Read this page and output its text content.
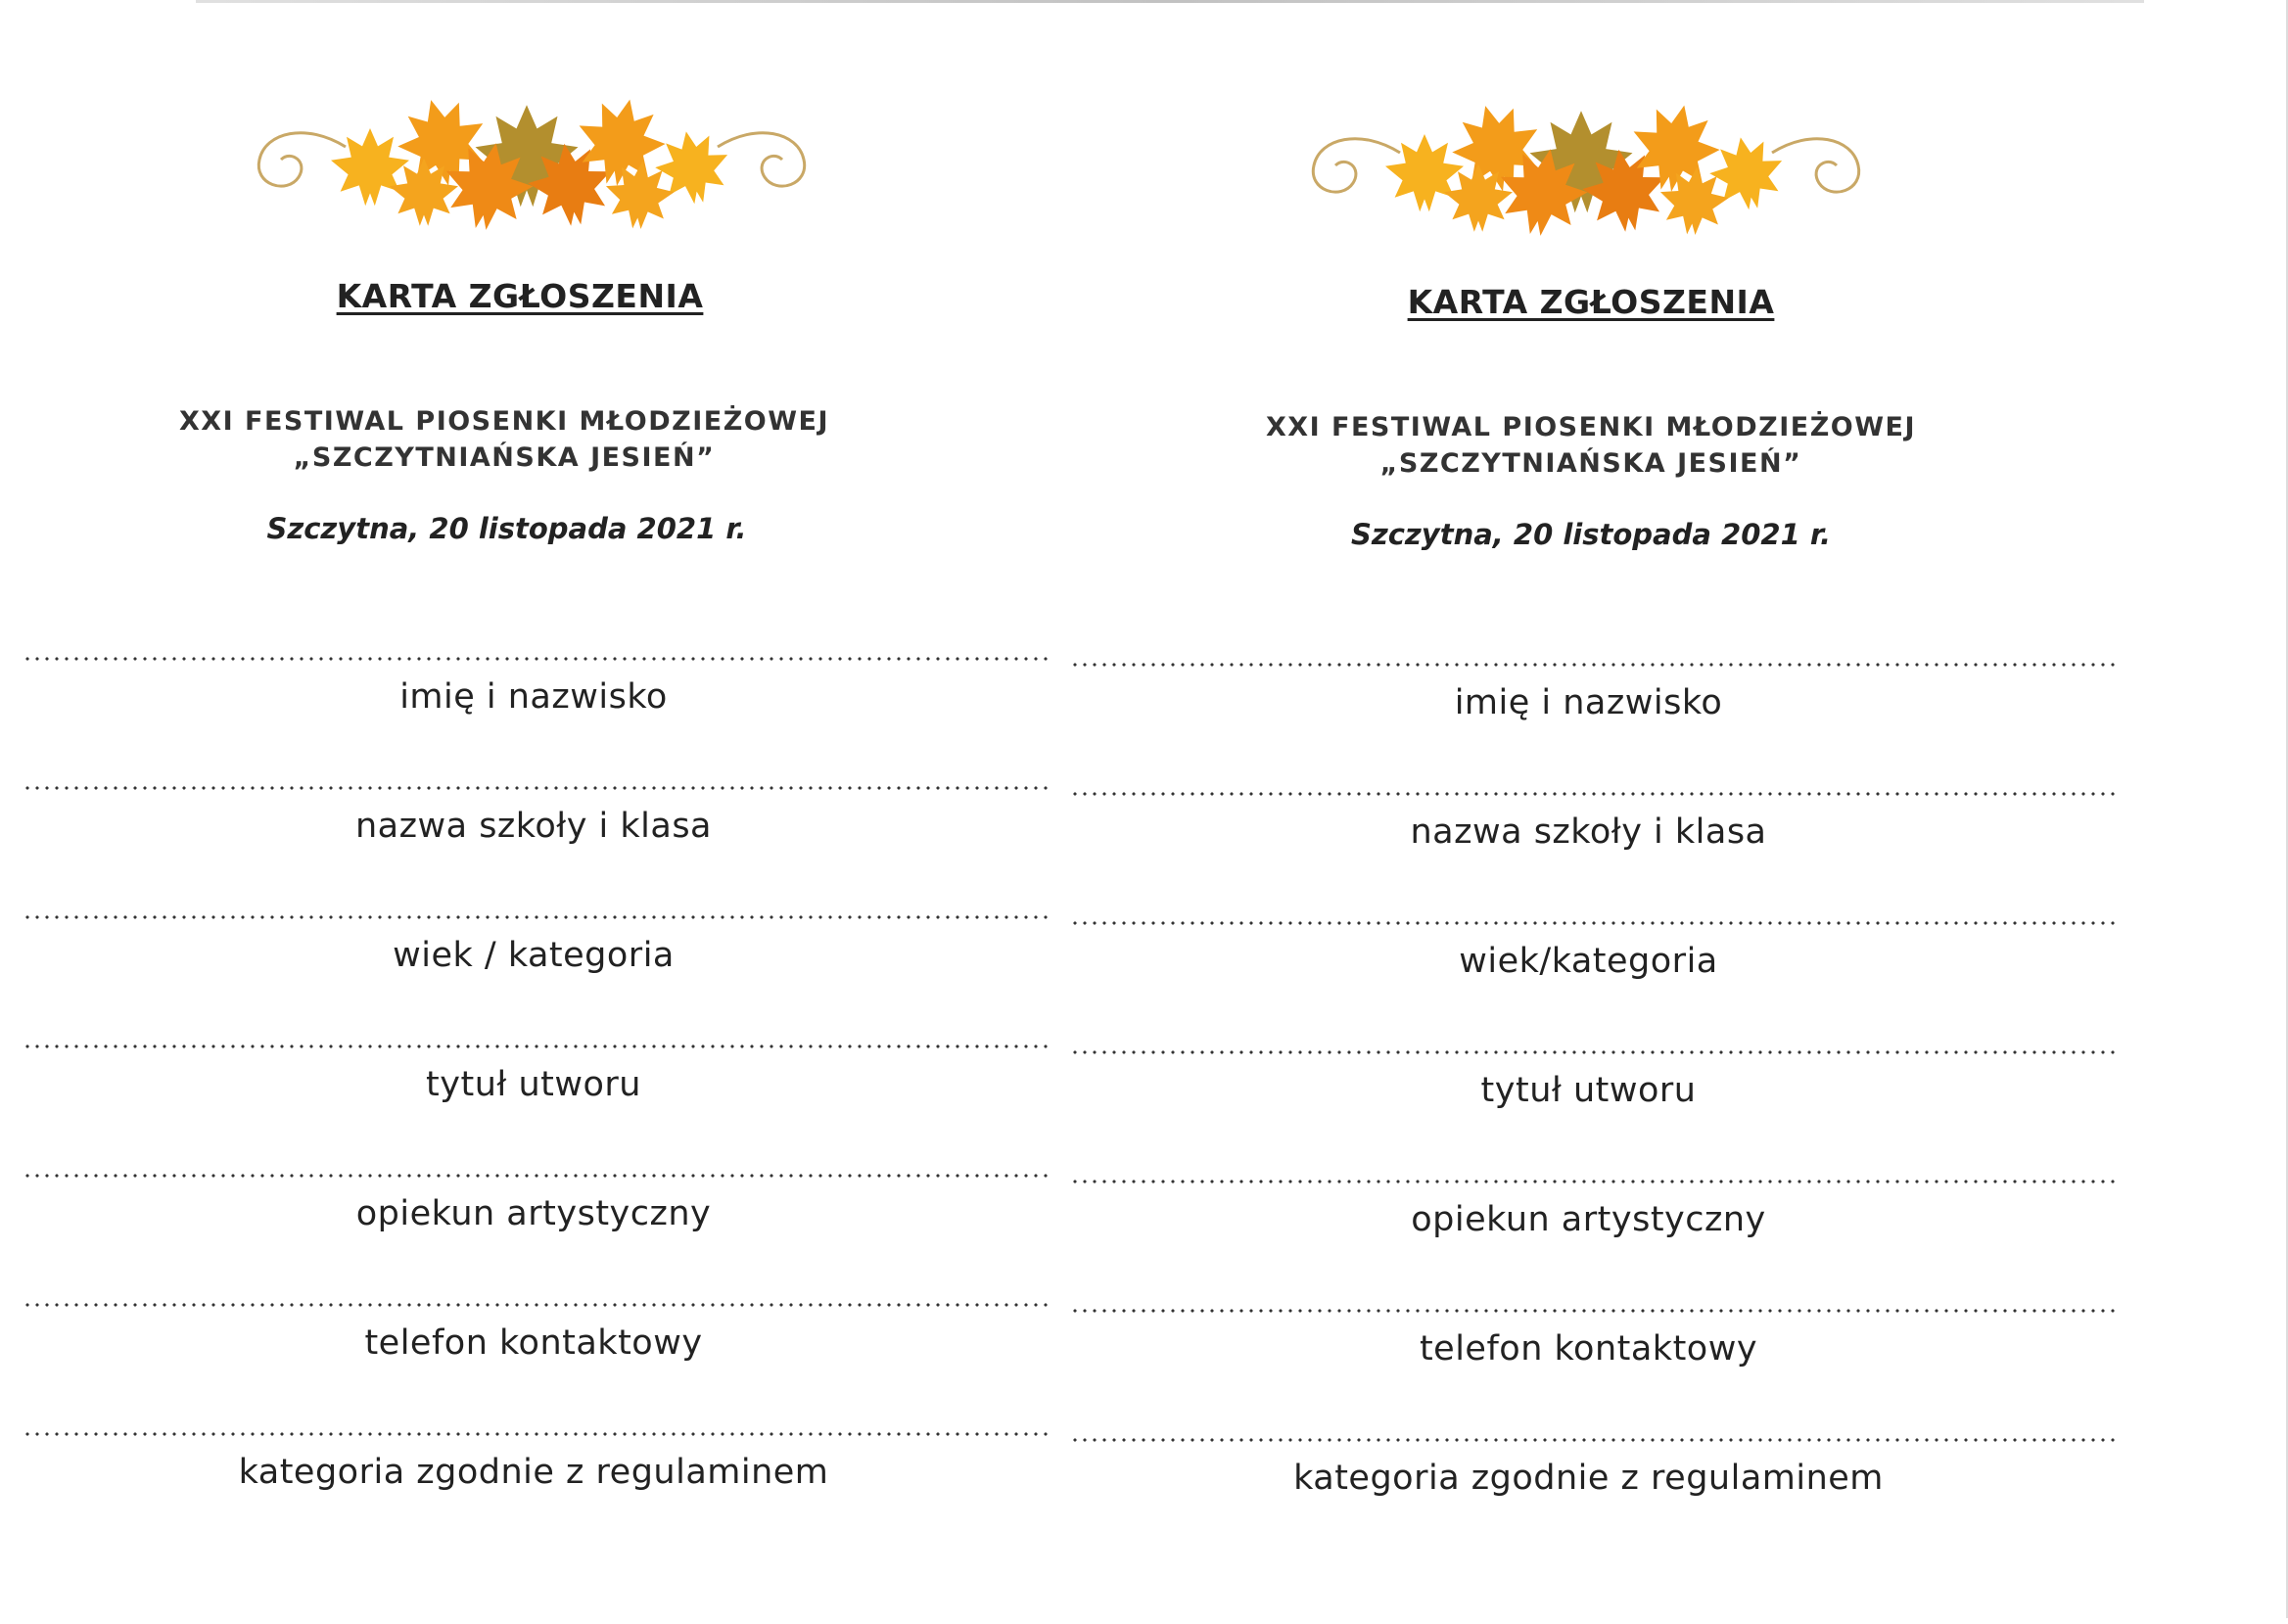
KARTA ZGŁOSZENIA
XXI FESTIWAL PIOSENKI MŁODZIEŻOWEJ
„SZCZYTNIAŃSKA JESIEŃ”
Szczytna, 20 listopada 2021 r.
imię i nazwisko
nazwa szkoły i klasa
wiek / kategoria
tytuł utworu
opiekun artystyczny
telefon kontaktowy
kategoria zgodnie z regulaminem
KARTA ZGŁOSZENIA
XXI FESTIWAL PIOSENKI MŁODZIEŻOWEJ
„SZCZYTNIAŃSKA JESIEŃ”
Szczytna, 20 listopada 2021 r.
imię i nazwisko
nazwa szkoły i klasa
wiek/kategoria
tytuł utworu
opiekun artystyczny
telefon kontaktowy
kategoria zgodnie z regulaminem
